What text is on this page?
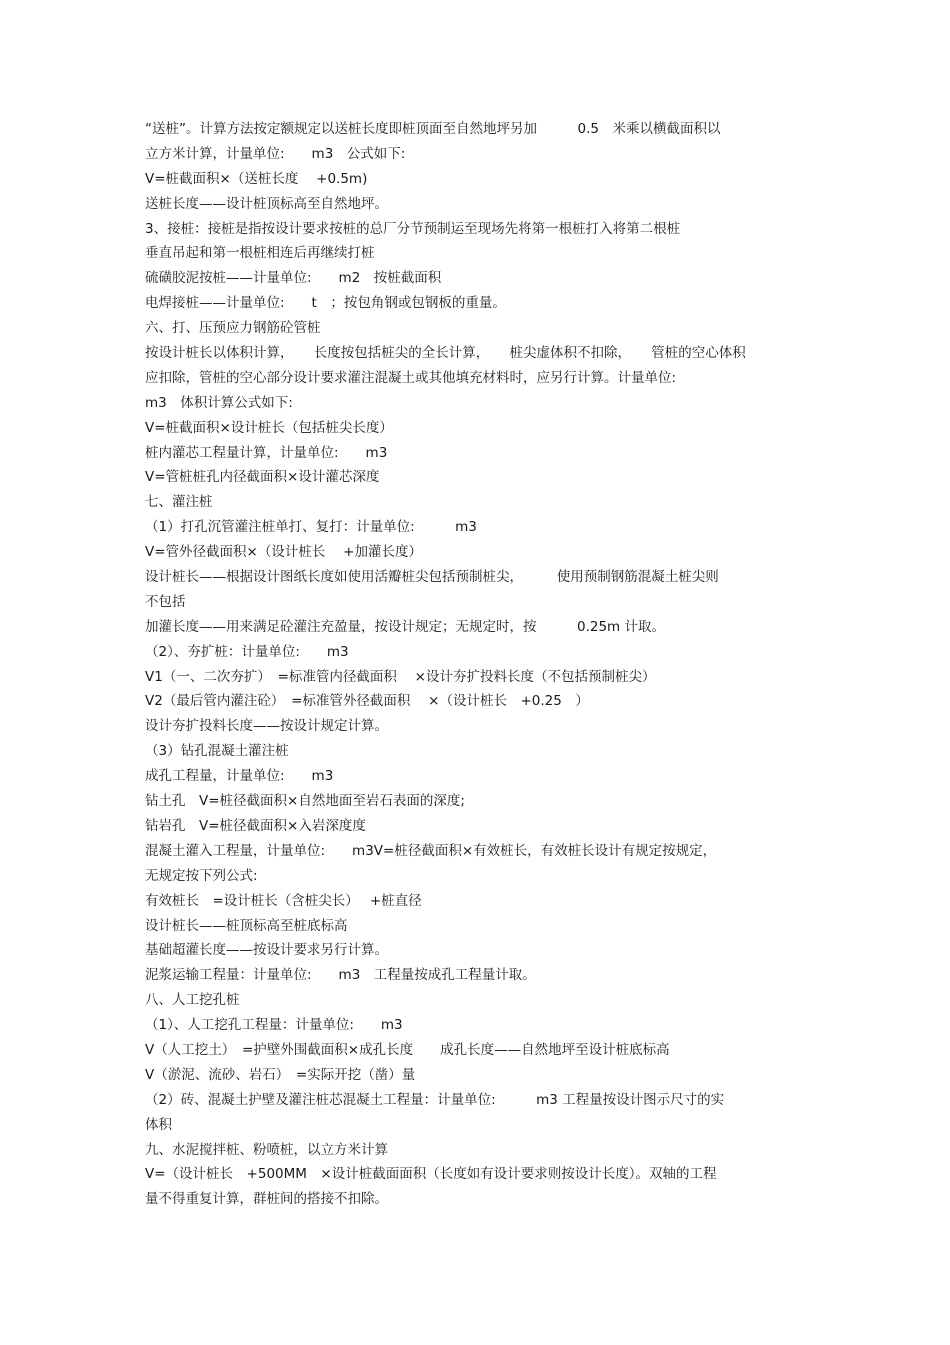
“送桩”。计算方法按定额规定以送桩长度即桩顶面至自然地坪另加　　　0.5　米乘以横截面积以
立方米计算，计量单位:　　m3　公式如下:
V=桩截面积×（送桩长度　 +0.5m)
送桩长度——设计桩顶标高至自然地坪。
3、接桩：接桩是指按设计要求按桩的总厂分节预制运至现场先将第一根桩打入将第二根桩
垂直吊起和第一根桩相连后再继续打桩
硫磺胶泥按桩——计量单位:　　m2　按桩截面积
电焊接桩——计量单位:　　t　；按包角钢或包钢板的重量。
六、打、压预应力钢筋砼管桩
按设计桩长以体积计算，　　长度按包括桩尖的全长计算，　　桩尖虚体积不扣除，　　管桩的空心体积
应扣除，管桩的空心部分设计要求灌注混凝土或其他填充材料时，应另行计算。计量单位:
m3　体积计算公式如下:
V=桩截面积×设计桩长（包括桩尖长度）
桩内灌芯工程量计算，计量单位:　　m3
V=管桩桩孔内径截面积×设计灌芯深度
七、灌注桩
（1）打孔沉管灌注桩单打、复打：计量单位:　　　m3
V=管外径截面积×（设计桩长　 +加灌长度）
设计桩长——根据设计图纸长度如使用活瓣桩尖包括预制桩尖，　　　使用预制钢筋混凝土桩尖则
不包括
加灌长度——用来满足砼灌注充盈量，按设计规定；无规定时，按　　　0.25m 计取。
（2）、夯扩桩：计量单位:　　m3
V1（一、二次夯扩）　=标准管内径截面积　 ×设计夯扩投料长度（不包括预制桩尖）
V2（最后管内灌注砼）　=标准管外径截面积　 ×（设计桩长　+0.25　）
设计夯扩投料长度——按设计规定计算。
（3）钻孔混凝土灌注桩
成孔工程量，计量单位:　　m3
钻土孔　V=桩径截面积×自然地面至岩石表面的深度;
钻岩孔　V=桩径截面积×入岩深度度
混凝土灌入工程量，计量单位:　　m3V=桩径截面积×有效桩长，有效桩长设计有规定按规定，
无规定按下列公式:
有效桩长　=设计桩长（含桩尖长）　 +桩直径
设计桩长——桩顶标高至桩底标高
基础超灌长度——按设计要求另行计算。
泥浆运输工程量：计量单位:　　m3　工程量按成孔工程量计取。
八、人工挖孔桩
（1）、人工挖孔工程量：计量单位:　　m3
V（人工挖土）　=护壁外围截面积×成孔长度　　成孔长度——自然地坪至设计桩底标高
V（淤泥、流砂、岩石）　=实际开挖（凿）量
（2）砖、混凝土护壁及灌注桩芯混凝土工程量：计量单位:　　　m3 工程量按设计图示尺寸的实
体积
九、水泥搅拌桩、粉喷桩，以立方米计算
V=（设计桩长　+500MM　×设计桩截面面积（长度如有设计要求则按设计长度）。双轴的工程
量不得重复计算，群桩间的搭接不扣除。
